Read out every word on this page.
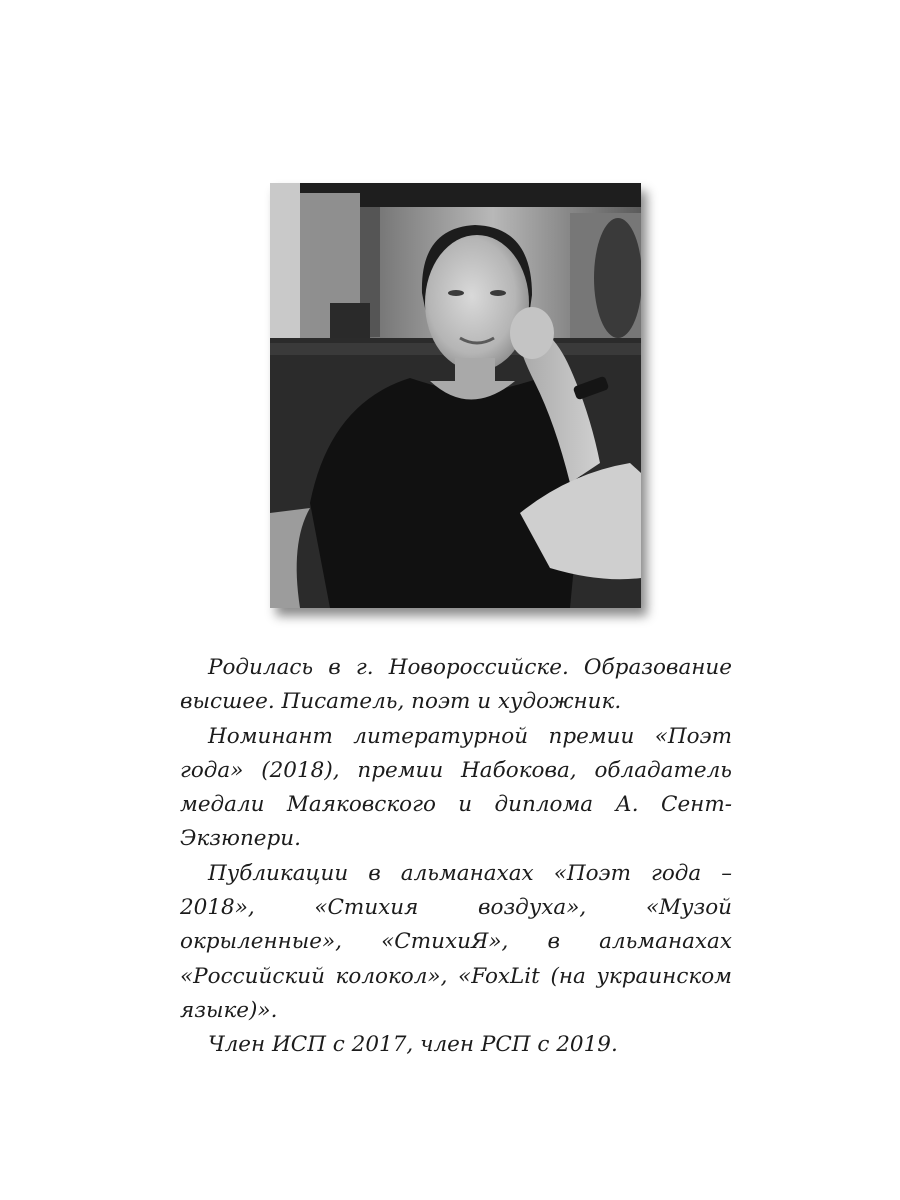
Родилась в г. Новороссийске. Образование высшее. Писатель, поэт и художник.

Номинант литературной премии «Поэт года» (2018), премии Набокова, обладатель медали Маяковского и диплома А. Сент-Экзюпери.

Публикации в альманахах «Поэт года – 2018», «Стихия воздуха», «Музой окрыленные», «СтихиЯ», в альманахах «Российский колокол», «FoxLit (на украинском языке)».

Член ИСП с 2017, член РСП с 2019.
